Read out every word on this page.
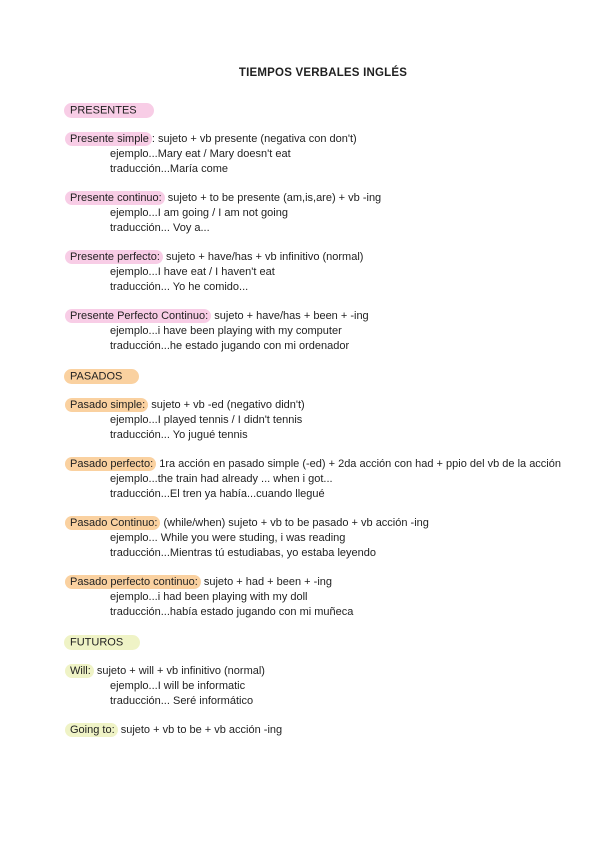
TIEMPOS VERBALES INGLÉS
PRESENTES

Presente simple : sujeto + vb presente (negativa con don't)

ejemplo...Mary eat / Mary doesn't eat

traducción...María come

Presente continuo: sujeto + to be presente (am,is,are) + vb -ing

ejemplo...I am going / I am not going

traducción... Voy a...

Presente perfecto: sujeto + have/has + vb infinitivo (normal)

ejemplo...I have eat / I haven't eat

traducción... Yo he comido...

Presente Perfecto Continuo: sujeto + have/has + been + -ing

ejemplo...i have been playing with my computer

traducción...he estado jugando con mi ordenador

PASADOS

Pasado simple: sujeto + vb -ed (negativo didn't)

ejemplo...I played tennis / I didn't tennis

traducción... Yo jugué tennis

Pasado perfecto: 1ra acción en pasado simple (-ed) + 2da acción con had + ppio del vb de la acción

ejemplo...the train had already ... when i got...

traducción...El tren ya había...cuando llegué

Pasado Continuo: (while/when) sujeto + vb to be pasado + vb acción -ing

ejemplo... While you were studing, i was reading

traducción...Mientras tú estudiabas, yo estaba leyendo

Pasado perfecto continuo: sujeto + had + been + -ing

ejemplo...i had been playing with my doll

traducción...había estado jugando con mi muñeca

FUTUROS

Will: sujeto + will + vb infinitivo (normal)

ejemplo...I will be informatic

traducción... Seré informático

Going to: sujeto + vb to be + vb acción -ing
